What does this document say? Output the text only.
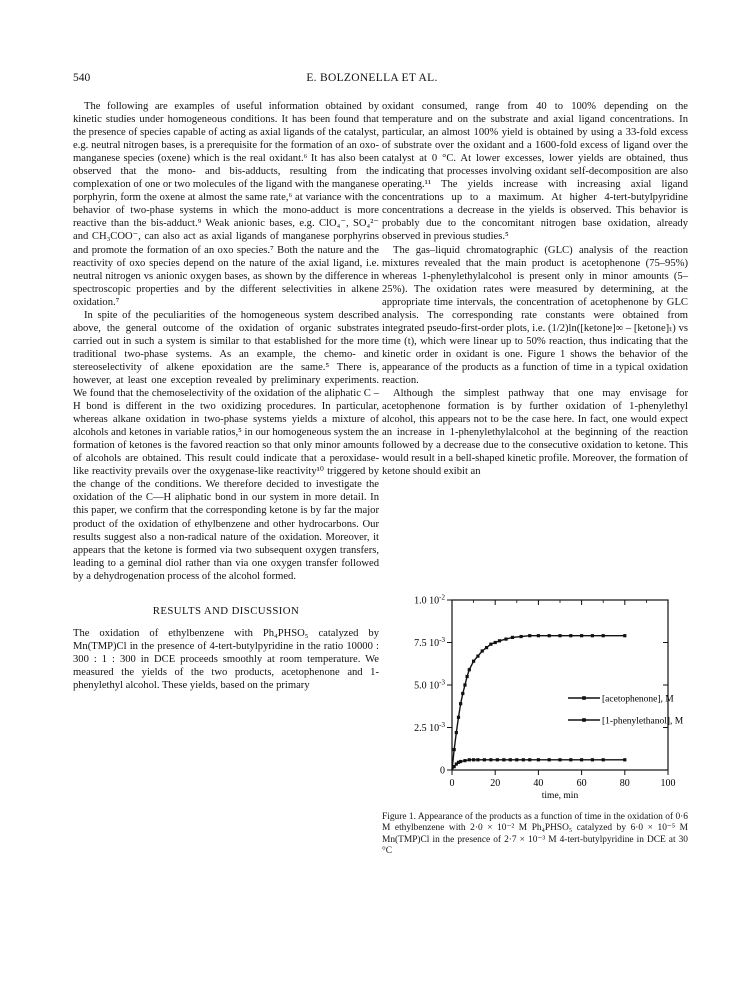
540	E. BOLZONELLA ET AL.

The following are examples of useful information obtained by kinetic studies under homogeneous conditions. It has been found that the presence of species capable of acting as axial ligands of the catalyst, e.g. neutral nitrogen bases, is a prerequisite for the formation of an oxo-manganese species (oxene) which is the real oxidant.⁶ It has also been observed that the mono- and bis-adducts, resulting from the complexation of one or two molecules of the ligand with the manganese porphyrin, form the oxene at almost the same rate,⁶ at variance with the behavior of two-phase systems in which the mono-adduct is more reactive than the bis-adduct.⁹ Weak anionic bases, e.g. ClO₄⁻, SO₄²⁻ and CH₃COO⁻, can also act as axial ligands of manganese porphyrins and promote the formation of an oxo species.⁷ Both the nature and the reactivity of oxo species depend on the nature of the axial ligand, i.e. neutral nitrogen vs anionic oxygen bases, as shown by the difference in spectroscopic properties and by the different selectivities in alkene oxidation.⁷

In spite of the peculiarities of the homogeneous system described above, the general outcome of the oxidation of organic substrates carried out in such a system is similar to that established for the more traditional two-phase systems. As an example, the chemo- and stereoselectivity of alkene epoxidation are the same.⁵ There is, however, at least one exception revealed by preliminary experiments. We found that the chemoselectivity of the oxidation of the aliphatic C – H bond is different in the two oxidizing procedures. In particular, whereas alkane oxidation in two-phase systems yields a mixture of alcohols and ketones in variable ratios,⁵ in our homogeneous system the formation of ketones is the favored reaction so that only minor amounts of alcohols are obtained. This result could indicate that a peroxidase-like reactivity prevails over the oxygenase-like reactivity¹⁰ triggered by the change of the conditions. We therefore decided to investigate the oxidation of the C—H aliphatic bond in our system in more detail. In this paper, we confirm that the corresponding ketone is by far the major product of the oxidation of ethylbenzene and other hydrocarbons. Our results suggest also a non-radical nature of the oxidation. Moreover, it appears that the ketone is formed via two subsequent oxygen transfers, leading to a geminal diol rather than via one oxygen transfer followed by a dehydrogenation process of the alcohol formed.

RESULTS AND DISCUSSION

The oxidation of ethylbenzene with Ph₄PHSO₅ catalyzed by Mn(TMP)Cl in the presence of 4-tert-butylpyridine in the ratio 10000 : 300 : 1 : 300 in DCE proceeds smoothly at room temperature. We measured the yields of the two products, acetophenone and 1-phenylethyl alcohol. These yields, based on the primary

oxidant consumed, range from 40 to 100% depending on the temperature and on the substrate and axial ligand concentrations. In particular, an almost 100% yield is obtained by using a 33-fold excess of substrate over the oxidant and a 1600-fold excess of ligand over the catalyst at 0 °C. At lower excesses, lower yields are obtained, thus indicating that processes involving oxidant self-decomposition are also operating.¹¹ The yields increase with increasing axial ligand concentrations up to a maximum. At higher 4-tert-butylpyridine concentrations a decrease in the yields is observed. This behavior is probably due to the concomitant nitrogen base oxidation, already observed in previous studies.⁵

The gas–liquid chromatographic (GLC) analysis of the reaction mixtures revealed that the main product is acetophenone (75–95%) whereas 1-phenylethylalcohol is present only in minor amounts (5–25%). The oxidation rates were measured by determining, at the appropriate time intervals, the concentration of acetophenone by GLC analysis. The corresponding rate constants were obtained from integrated pseudo-first-order plots, i.e. (1/2)ln([ketone]∞ – [ketone]ₜ) vs time (t), which were linear up to 50% reaction, thus indicating that the kinetic order in oxidant is one. Figure 1 shows the behavior of the appearance of the products as a function of time in a typical oxidation reaction.

Although the simplest pathway that one may envisage for acetophenone formation is by further oxidation of 1-phenylethyl alcohol, this appears not to be the case here. In fact, one would expect an increase in 1-phenylethylalcohol at the beginning of the reaction followed by a decrease due to the consecutive oxidation to ketone. This would result in a bell-shaped kinetic profile. Moreover, the formation of ketone should exibit an

0	20	40	60	80	100
time, min
0
2.5 $10^{-3}$
5.0 $10^{-3}$
7.5 $10^{-3}$
1.0 $10^{-2}$
[acetophenone], M
[1-phenylethanol], M
Figure 1. Appearance of the products as a function of time in the oxidation of 0·6 M ethylbenzene with 2·0 × 10⁻² M Ph₄PHSO₅ catalyzed by 6·0 × 10⁻⁵ M Mn(TMP)Cl in the presence of 2·7 × 10⁻³ M 4-tert-butylpyridine in DCE at 30 °C
